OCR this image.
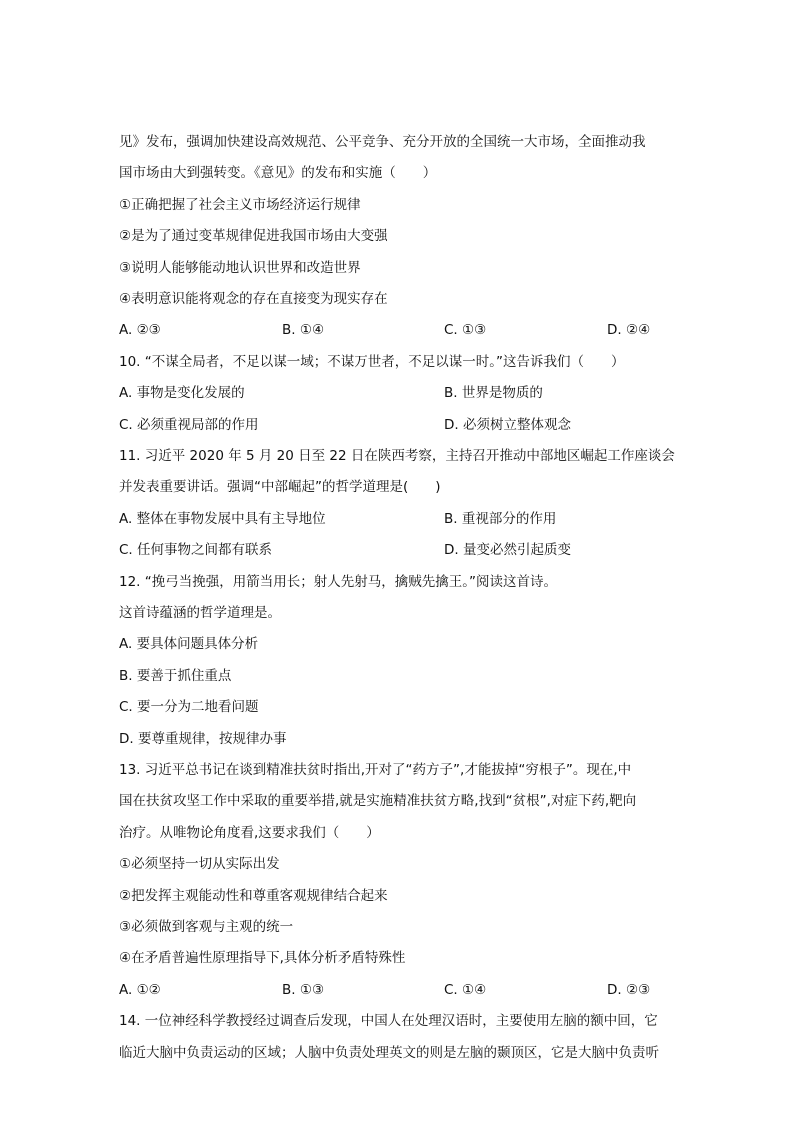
见》发布，强调加快建设高效规范、公平竞争、充分开放的全国统一大市场，全面推动我
国市场由大到强转变。《意见》的发布和实施（　　）
①正确把握了社会主义市场经济运行规律
②是为了通过变革规律促进我国市场由大变强
③说明人能够能动地认识世界和改造世界
④表明意识能将观念的存在直接变为现实存在
A. ②③	B. ①④	C. ①③	D. ②④
10. “不谋全局者，不足以谋一域；不谋万世者，不足以谋一时。”这告诉我们（　　）
A. 事物是变化发展的	B. 世界是物质的
C. 必须重视局部的作用	D. 必须树立整体观念
11. 习近平 2020 年 5 月 20 日至 22 日在陕西考察，主持召开推动中部地区崛起工作座谈会
并发表重要讲话。强调“中部崛起”的哲学道理是(　　)
A. 整体在事物发展中具有主导地位	B. 重视部分的作用
C. 任何事物之间都有联系	D. 量变必然引起质变
12. “挽弓当挽强，用箭当用长；射人先射马，擒贼先擒王。”阅读这首诗。
这首诗蕴涵的哲学道理是。
A. 要具体问题具体分析
B. 要善于抓住重点
C. 要一分为二地看问题
D. 要尊重规律，按规律办事
13. 习近平总书记在谈到精准扶贫时指出,开对了“药方子”,才能拔掉“穷根子”。现在,中
国在扶贫攻坚工作中采取的重要举措,就是实施精准扶贫方略,找到“贫根”,对症下药,靶向
治疗。从唯物论角度看,这要求我们（　　）
①必须坚持一切从实际出发
②把发挥主观能动性和尊重客观规律结合起来
③必须做到客观与主观的统一
④在矛盾普遍性原理指导下,具体分析矛盾特殊性
A. ①②	B. ①③	C. ①④	D. ②③
14. 一位神经科学教授经过调查后发现，中国人在处理汉语时，主要使用左脑的额中回，它
临近大脑中负责运动的区域；人脑中负责处理英文的则是左脑的颞顶区，它是大脑中负责听
